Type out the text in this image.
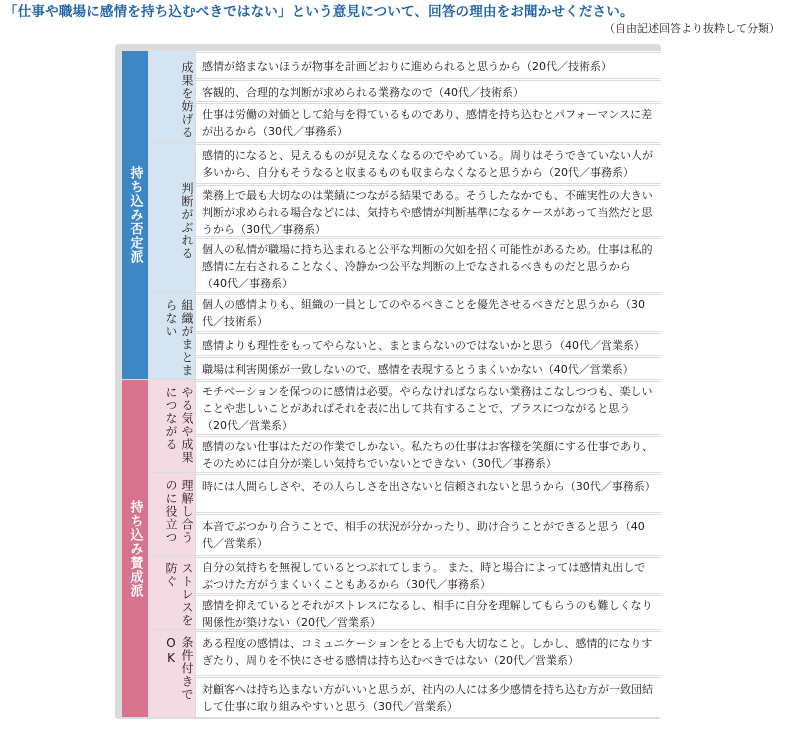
「仕事や職場に感情を持ち込むべきではない」という意見について、回答の理由をお聞かせください。
（自由記述回答より抜粋して分類）
持ち込み否定派
持ち込み賛成派
成果を妨げる
判断がぶれる
組織がまとまらない
やる気や成果につながる
理解し合うのに役立つ
ストレスを防ぐ
条件付きでOK
感情が絡まないほうが物事を計画どおりに進められると思うから（20代／技術系）
客観的、合理的な判断が求められる業務なので（40代／技術系）
仕事は労働の対価として給与を得ているものであり、感情を持ち込むとパフォーマンスに差が出るから（30代／事務系）
感情的になると、見えるものが見えなくなるのでやめている。周りはそうできていない人が多いから、自分もそうなると収まるものも収まらなくなると思うから（20代／事務系）
業務上で最も大切なのは業績につながる結果である。そうしたなかでも、不確実性の大きい判断が求められる場合などには、気持ちや感情が判断基準になるケースがあって当然だと思うから（30代／事務系）
個人の私情が職場に持ち込まれると公平な判断の欠如を招く可能性があるため。仕事は私的感情に左右されることなく、冷静かつ公平な判断の上でなされるべきものだと思うから（40代／事務系）
個人の感情よりも、組織の一員としてのやるべきことを優先させるべきだと思うから（30代／技術系）
感情よりも理性をもってやらないと、まとまらないのではないかと思う（40代／営業系）
職場は利害関係が一致しないので、感情を表現するとうまくいかない（40代／営業系）
モチベーションを保つのに感情は必要。やらなければならない業務はこなしつつも、楽しいことや悲しいことがあればそれを表に出して共有することで、プラスにつながると思う（20代／営業系）
感情のない仕事はただの作業でしかない。私たちの仕事はお客様を笑顔にする仕事であり、そのためには自分が楽しい気持ちでいないとできない（30代／事務系）
時には人間らしさや、その人らしさを出さないと信頼されないと思うから（30代／事務系）
本音でぶつかり合うことで、相手の状況が分かったり、助け合うことができると思う（40代／営業系）
自分の気持ちを無視しているとつぶれてしまう。 また、時と場合によっては感情丸出しでぶつけた方がうまくいくこともあるから（30代／事務系）
感情を抑えているとそれがストレスになるし、相手に自分を理解してもらうのも難しくなり関係性が築けない（20代／営業系）
ある程度の感情は、コミュニケーションをとる上でも大切なこと。しかし、感情的になりすぎたり、周りを不快にさせる感情は持ち込むべきではない（20代／営業系）
対顧客へは持ち込まない方がいいと思うが、社内の人には多少感情を持ち込む方が一致団結して仕事に取り組みやすいと思う（30代／営業系）
